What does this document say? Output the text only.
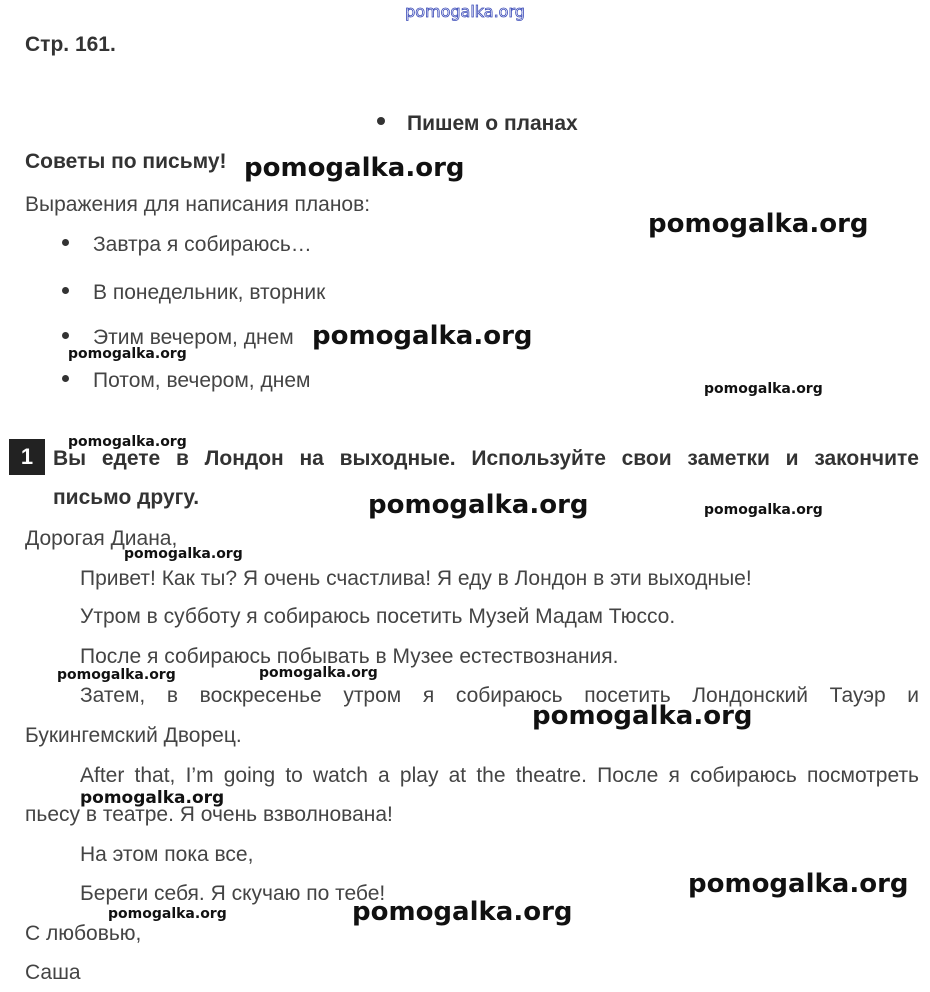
pomogalka.org
Стр. 161.
Пишем о планах
Советы по письму!
Выражения для написания планов:
Завтра я собираюсь…
В понедельник, вторник
Этим вечером, днем
Потом, вечером, днем
1 Вы едете в Лондон на выходные. Используйте свои заметки и закончите
письмо другу.
Дорогая Диана,
Привет! Как ты? Я очень счастлива! Я еду в Лондон в эти выходные!
Утром в субботу я собираюсь посетить Музей Мадам Тюссо.
После я собираюсь побывать в Музее естествознания.
Затем, в воскресенье утром я собираюсь посетить Лондонский Тауэр и
Букингемский Дворец.
After that, I’m going to watch a play at the theatre. После я собираюсь посмотреть
пьесу в театре. Я очень взволнована!
На этом пока все,
Береги себя. Я скучаю по тебе!
С любовью,
Саша
pomogalka.org
pomogalka.org
pomogalka.org
pomogalka.org
pomogalka.org
pomogalka.org
pomogalka.org	pomogalka.org
pomogalka.org
pomogalka.org	pomogalka.org
pomogalka.org
pomogalka.org
pomogalka.org
pomogalka.org	pomogalka.org
